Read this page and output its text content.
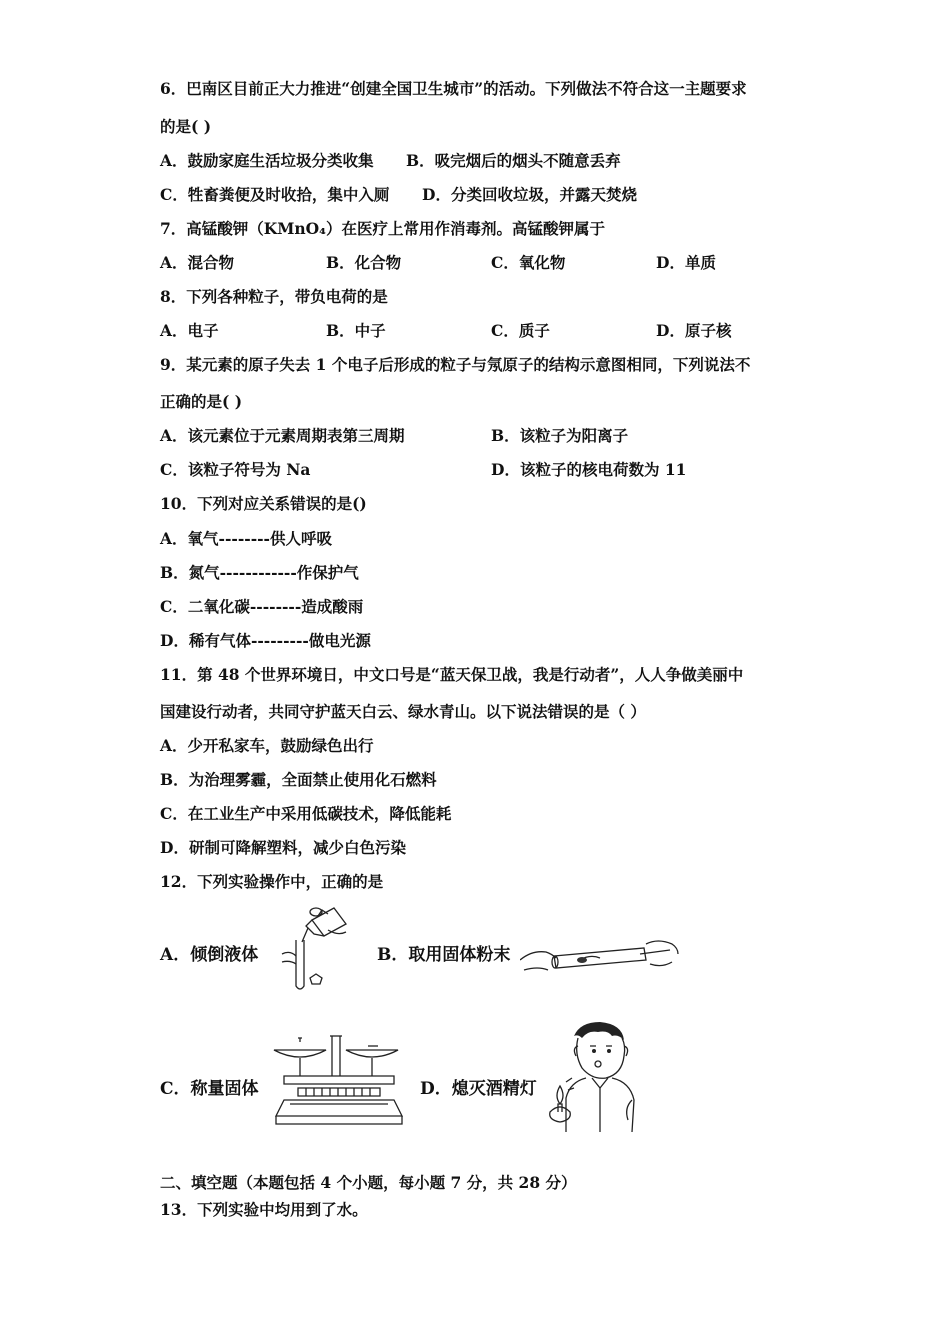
6．巴南区目前正大力推进“创建全国卫生城市”的活动。下列做法不符合这一主题要求
的是( )
A．鼓励家庭生活垃圾分类收集 B．吸完烟后的烟头不随意丢弃
C．牲畜粪便及时收拾，集中入厕 D．分类回收垃圾，并露天焚烧
7．高锰酸钾（KMnO₄）在医疗上常用作消毒剂。高锰酸钾属于
A．混合物	B．化合物	C．氧化物	D．单质
8．下列各种粒子，带负电荷的是
A．电子	B．中子	C．质子	D．原子核
9．某元素的原子失去 1 个电子后形成的粒子与氖原子的结构示意图相同，下列说法不
正确的是( )
A．该元素位于元素周期表第三周期	B．该粒子为阳离子
C．该粒子符号为 Na	D．该粒子的核电荷数为 11
10．下列对应关系错误的是()
A．氧气--------供人呼吸
B．氮气------------作保护气
C．二氧化碳--------造成酸雨
D．稀有气体---------做电光源
11．第 48 个世界环境日，中文口号是“蓝天保卫战，我是行动者”，人人争做美丽中
国建设行动者，共同守护蓝天白云、绿水青山。以下说法错误的是（ ）
A．少开私家车，鼓励绿色出行
B．为治理雾霾，全面禁止使用化石燃料
C．在工业生产中采用低碳技术，降低能耗
D．研制可降解塑料，减少白色污染
12．下列实验操作中，正确的是
A．倾倒液体	B．取用固体粉末
C．称量固体	D．熄灭酒精灯
二、填空题（本题包括 4 个小题，每小题 7 分，共 28 分）
13．下列实验中均用到了水。
